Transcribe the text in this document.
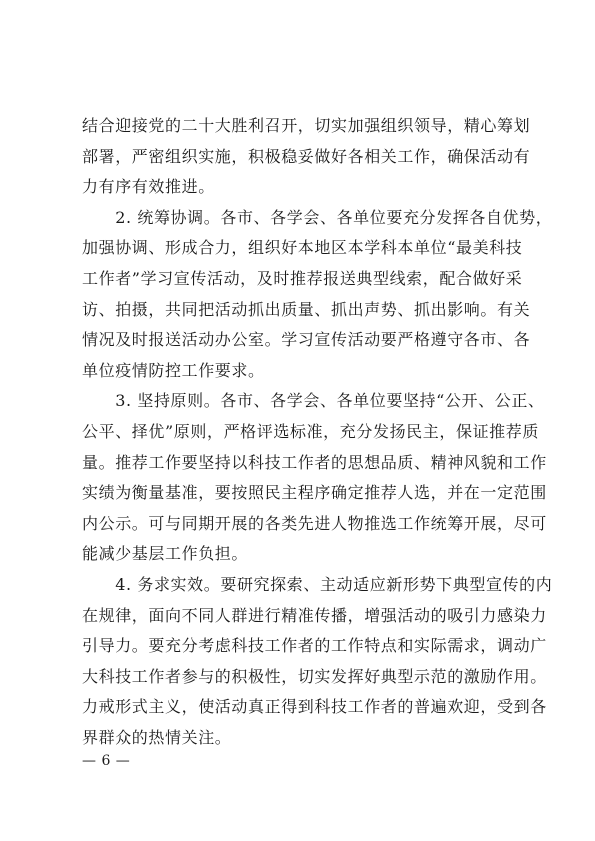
结合迎接党的二十大胜利召开，切实加强组织领导，精心筹划
部署，严密组织实施，积极稳妥做好各相关工作，确保活动有
力有序有效推进。
　　2. 统筹协调。各市、各学会、各单位要充分发挥各自优势，
加强协调、形成合力，组织好本地区本学科本单位“最美科技
工作者”学习宣传活动，及时推荐报送典型线索，配合做好采
访、拍摄，共同把活动抓出质量、抓出声势、抓出影响。有关
情况及时报送活动办公室。学习宣传活动要严格遵守各市、各
单位疫情防控工作要求。
　　3. 坚持原则。各市、各学会、各单位要坚持“公开、公正、
公平、择优”原则，严格评选标准，充分发扬民主，保证推荐质
量。推荐工作要坚持以科技工作者的思想品质、精神风貌和工作
实绩为衡量基准，要按照民主程序确定推荐人选，并在一定范围
内公示。可与同期开展的各类先进人物推选工作统筹开展，尽可
能减少基层工作负担。
　　4. 务求实效。要研究探索、主动适应新形势下典型宣传的内
在规律，面向不同人群进行精准传播，增强活动的吸引力感染力
引导力。要充分考虑科技工作者的工作特点和实际需求，调动广
大科技工作者参与的积极性，切实发挥好典型示范的激励作用。
力戒形式主义，使活动真正得到科技工作者的普遍欢迎，受到各
界群众的热情关注。
— 6 —
